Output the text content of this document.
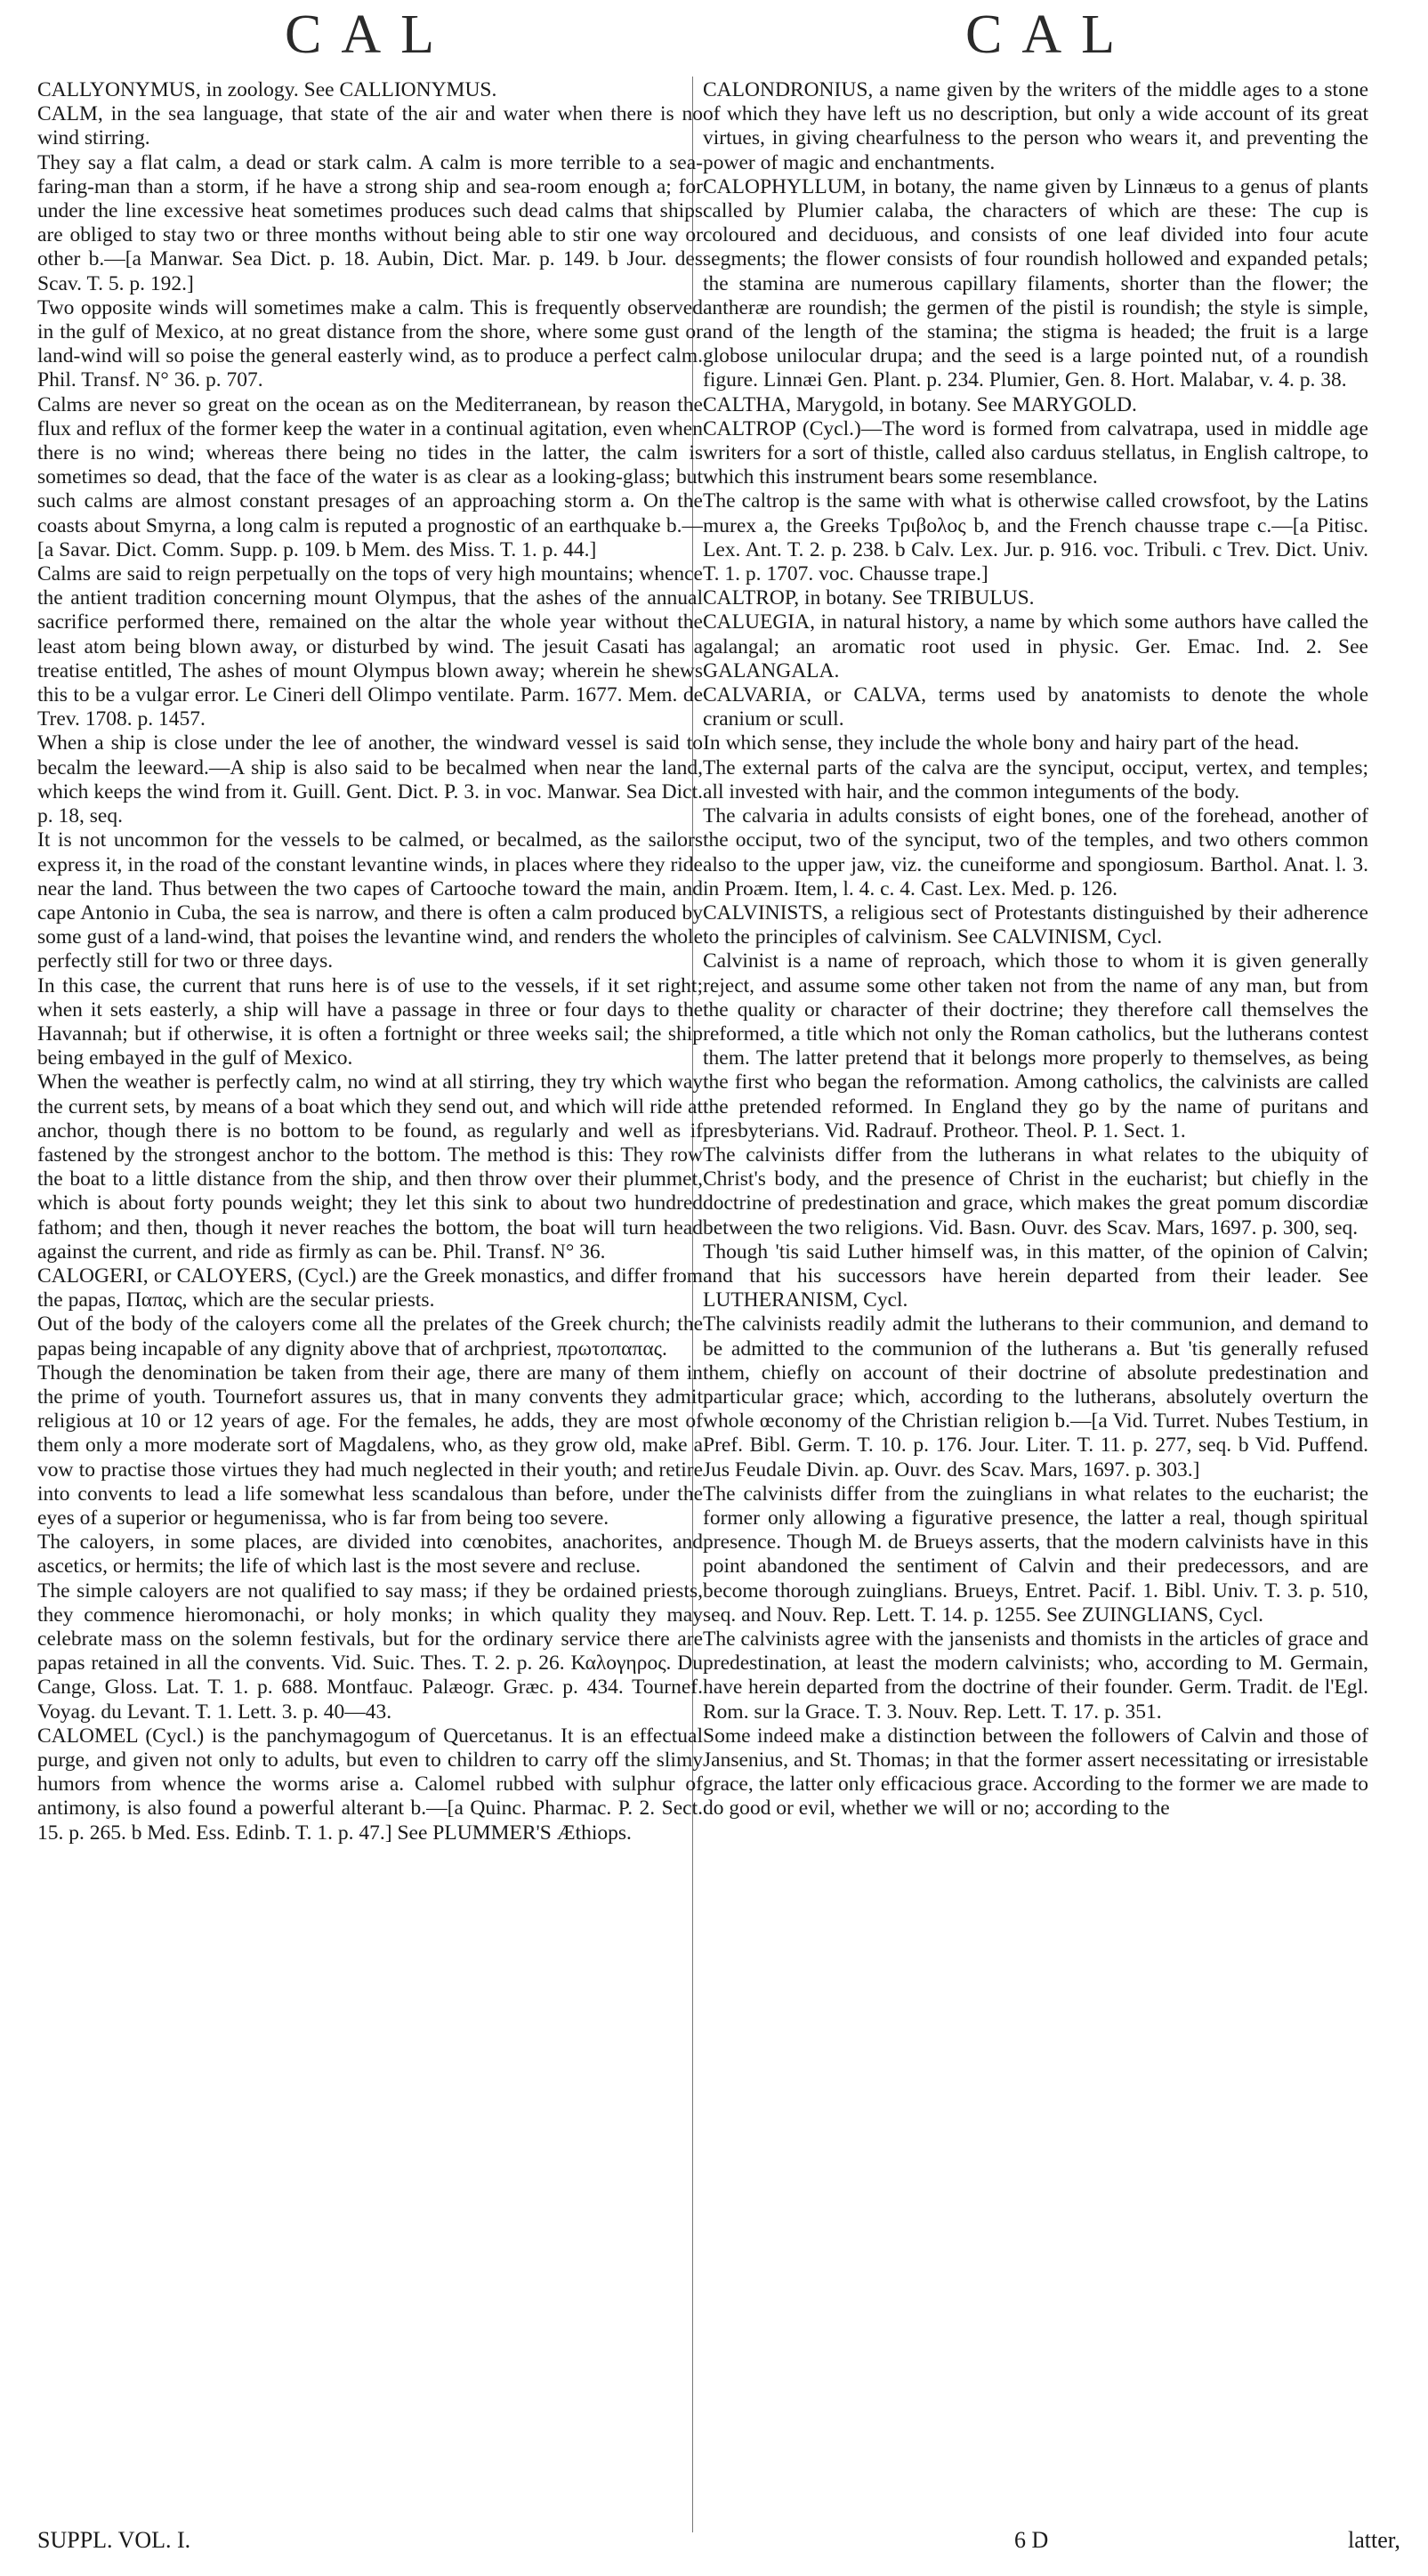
CAL	CAL

CALLYONYMUS, in zoology. See CALLIONYMUS.

CALM, in the sea language, that state of the air and water when there is no wind stirring.

They say a flat calm, a dead or stark calm. A calm is more terrible to a sea-faring-man than a storm, if he have a strong ship and sea-room enough a; for under the line excessive heat sometimes produces such dead calms that ships are obliged to stay two or three months without being able to stir one way or other b.—[a Manwar. Sea Dict. p. 18. Aubin, Dict. Mar. p. 149. b Jour. des Scav. T. 5. p. 192.]

Two opposite winds will sometimes make a calm. This is frequently observed in the gulf of Mexico, at no great distance from the shore, where some gust or land-wind will so poise the general easterly wind, as to produce a perfect calm. Phil. Transf. N° 36. p. 707.

Calms are never so great on the ocean as on the Mediterranean, by reason the flux and reflux of the former keep the water in a continual agitation, even when there is no wind; whereas there being no tides in the latter, the calm is sometimes so dead, that the face of the water is as clear as a looking-glass; but such calms are almost constant presages of an approaching storm a. On the coasts about Smyrna, a long calm is reputed a prognostic of an earthquake b.—[a Savar. Dict. Comm. Supp. p. 109. b Mem. des Miss. T. 1. p. 44.]

Calms are said to reign perpetually on the tops of very high mountains; whence the antient tradition concerning mount Olympus, that the ashes of the annual sacrifice performed there, remained on the altar the whole year without the least atom being blown away, or disturbed by wind. The jesuit Casati has a treatise entitled, The ashes of mount Olympus blown away; wherein he shews this to be a vulgar error. Le Cineri dell Olimpo ventilate. Parm. 1677. Mem. de Trev. 1708. p. 1457.

When a ship is close under the lee of another, the windward vessel is said to becalm the leeward.—A ship is also said to be becalmed when near the land, which keeps the wind from it. Guill. Gent. Dict. P. 3. in voc. Manwar. Sea Dict. p. 18, seq.

It is not uncommon for the vessels to be calmed, or becalmed, as the sailors express it, in the road of the constant levantine winds, in places where they ride near the land. Thus between the two capes of Cartooche toward the main, and cape Antonio in Cuba, the sea is narrow, and there is often a calm produced by some gust of a land-wind, that poises the levantine wind, and renders the whole perfectly still for two or three days.

In this case, the current that runs here is of use to the vessels, if it set right; when it sets easterly, a ship will have a passage in three or four days to the Havannah; but if otherwise, it is often a fortnight or three weeks sail; the ship being embayed in the gulf of Mexico.

When the weather is perfectly calm, no wind at all stirring, they try which way the current sets, by means of a boat which they send out, and which will ride at anchor, though there is no bottom to be found, as regularly and well as if fastened by the strongest anchor to the bottom. The method is this: They row the boat to a little distance from the ship, and then throw over their plummet, which is about forty pounds weight; they let this sink to about two hundred fathom; and then, though it never reaches the bottom, the boat will turn head against the current, and ride as firmly as can be. Phil. Transf. N° 36.

CALOGERI, or CALOYERS, (Cycl.) are the Greek monastics, and differ from the papas, Παπας, which are the secular priests.

Out of the body of the caloyers come all the prelates of the Greek church; the papas being incapable of any dignity above that of archpriest, πρωτοπαπας.

Though the denomination be taken from their age, there are many of them in the prime of youth. Tournefort assures us, that in many convents they admit religious at 10 or 12 years of age. For the females, he adds, they are most of them only a more moderate sort of Magdalens, who, as they grow old, make a vow to practise those virtues they had much neglected in their youth; and retire into convents to lead a life somewhat less scandalous than before, under the eyes of a superior or hegumenissa, who is far from being too severe.

The caloyers, in some places, are divided into cœnobites, anachorites, and ascetics, or hermits; the life of which last is the most severe and recluse.

The simple caloyers are not qualified to say mass; if they be ordained priests, they commence hieromonachi, or holy monks; in which quality they may celebrate mass on the solemn festivals, but for the ordinary service there are papas retained in all the convents. Vid. Suic. Thes. T. 2. p. 26. Καλογηρος. Du Cange, Gloss. Lat. T. 1. p. 688. Montfauc. Palæogr. Græc. p. 434. Tournef. Voyag. du Levant. T. 1. Lett. 3. p. 40—43.

CALOMEL (Cycl.) is the panchymagogum of Quercetanus. It is an effectual purge, and given not only to adults, but even to children to carry off the slimy humors from whence the worms arise a. Calomel rubbed with sulphur of antimony, is also found a powerful alterant b.—[a Quinc. Pharmac. P. 2. Sect. 15. p. 265. b Med. Ess. Edinb. T. 1. p. 47.] See PLUMMER'S Æthiops.

CALONDRONIUS, a name given by the writers of the middle ages to a stone of which they have left us no description, but only a wide account of its great virtues, in giving chearfulness to the person who wears it, and preventing the power of magic and enchantments.

CALOPHYLLUM, in botany, the name given by Linnæus to a genus of plants called by Plumier calaba, the characters of which are these: The cup is coloured and deciduous, and consists of one leaf divided into four acute segments; the flower consists of four roundish hollowed and expanded petals; the stamina are numerous capillary filaments, shorter than the flower; the antheræ are roundish; the germen of the pistil is roundish; the style is simple, and of the length of the stamina; the stigma is headed; the fruit is a large globose unilocular drupa; and the seed is a large pointed nut, of a roundish figure. Linnæi Gen. Plant. p. 234. Plumier, Gen. 8. Hort. Malabar, v. 4. p. 38.

CALTHA, Marygold, in botany. See MARYGOLD.

CALTROP (Cycl.)—The word is formed from calvatrapa, used in middle age writers for a sort of thistle, called also carduus stellatus, in English caltrope, to which this instrument bears some resemblance.

The caltrop is the same with what is otherwise called crowsfoot, by the Latins murex a, the Greeks Τριβολος b, and the French chausse trape c.—[a Pitisc. Lex. Ant. T. 2. p. 238. b Calv. Lex. Jur. p. 916. voc. Tribuli. c Trev. Dict. Univ. T. 1. p. 1707. voc. Chausse trape.]

CALTROP, in botany. See TRIBULUS.

CALUEGIA, in natural history, a name by which some authors have called the galangal; an aromatic root used in physic. Ger. Emac. Ind. 2. See GALANGALA.

CALVARIA, or CALVA, terms used by anatomists to denote the whole cranium or scull.

In which sense, they include the whole bony and hairy part of the head.

The external parts of the calva are the synciput, occiput, vertex, and temples; all invested with hair, and the common integuments of the body.

The calvaria in adults consists of eight bones, one of the forehead, another of the occiput, two of the synciput, two of the temples, and two others common also to the upper jaw, viz. the cuneiforme and spongiosum. Barthol. Anat. l. 3. in Proæm. Item, l. 4. c. 4. Cast. Lex. Med. p. 126.

CALVINISTS, a religious sect of Protestants distinguished by their adherence to the principles of calvinism. See CALVINISM, Cycl.

Calvinist is a name of reproach, which those to whom it is given generally reject, and assume some other taken not from the name of any man, but from the quality or character of their doctrine; they therefore call themselves the reformed, a title which not only the Roman catholics, but the lutherans contest them. The latter pretend that it belongs more properly to themselves, as being the first who began the reformation. Among catholics, the calvinists are called the pretended reformed. In England they go by the name of puritans and presbyterians. Vid. Radrauf. Protheor. Theol. P. 1. Sect. 1.

The calvinists differ from the lutherans in what relates to the ubiquity of Christ's body, and the presence of Christ in the eucharist; but chiefly in the doctrine of predestination and grace, which makes the great pomum discordiæ between the two religions. Vid. Basn. Ouvr. des Scav. Mars, 1697. p. 300, seq.

Though 'tis said Luther himself was, in this matter, of the opinion of Calvin; and that his successors have herein departed from their leader. See LUTHERANISM, Cycl.

The calvinists readily admit the lutherans to their communion, and demand to be admitted to the communion of the lutherans a. But 'tis generally refused them, chiefly on account of their doctrine of absolute predestination and particular grace; which, according to the lutherans, absolutely overturn the whole œconomy of the Christian religion b.—[a Vid. Turret. Nubes Testium, in Pref. Bibl. Germ. T. 10. p. 176. Jour. Liter. T. 11. p. 277, seq. b Vid. Puffend. Jus Feudale Divin. ap. Ouvr. des Scav. Mars, 1697. p. 303.]

The calvinists differ from the zuinglians in what relates to the eucharist; the former only allowing a figurative presence, the latter a real, though spiritual presence. Though M. de Brueys asserts, that the modern calvinists have in this point abandoned the sentiment of Calvin and their predecessors, and are become thorough zuinglians. Brueys, Entret. Pacif. 1. Bibl. Univ. T. 3. p. 510, seq. and Nouv. Rep. Lett. T. 14. p. 1255. See ZUINGLIANS, Cycl.

The calvinists agree with the jansenists and thomists in the articles of grace and predestination, at least the modern calvinists; who, according to M. Germain, have herein departed from the doctrine of their founder. Germ. Tradit. de l'Egl. Rom. sur la Grace. T. 3. Nouv. Rep. Lett. T. 17. p. 351.

Some indeed make a distinction between the followers of Calvin and those of Jansenius, and St. Thomas; in that the former assert necessitating or irresistable grace, the latter only efficacious grace. According to the former we are made to do good or evil, whether we will or no; according to the

SUPPL. VOL. I.	6 D	latter,
